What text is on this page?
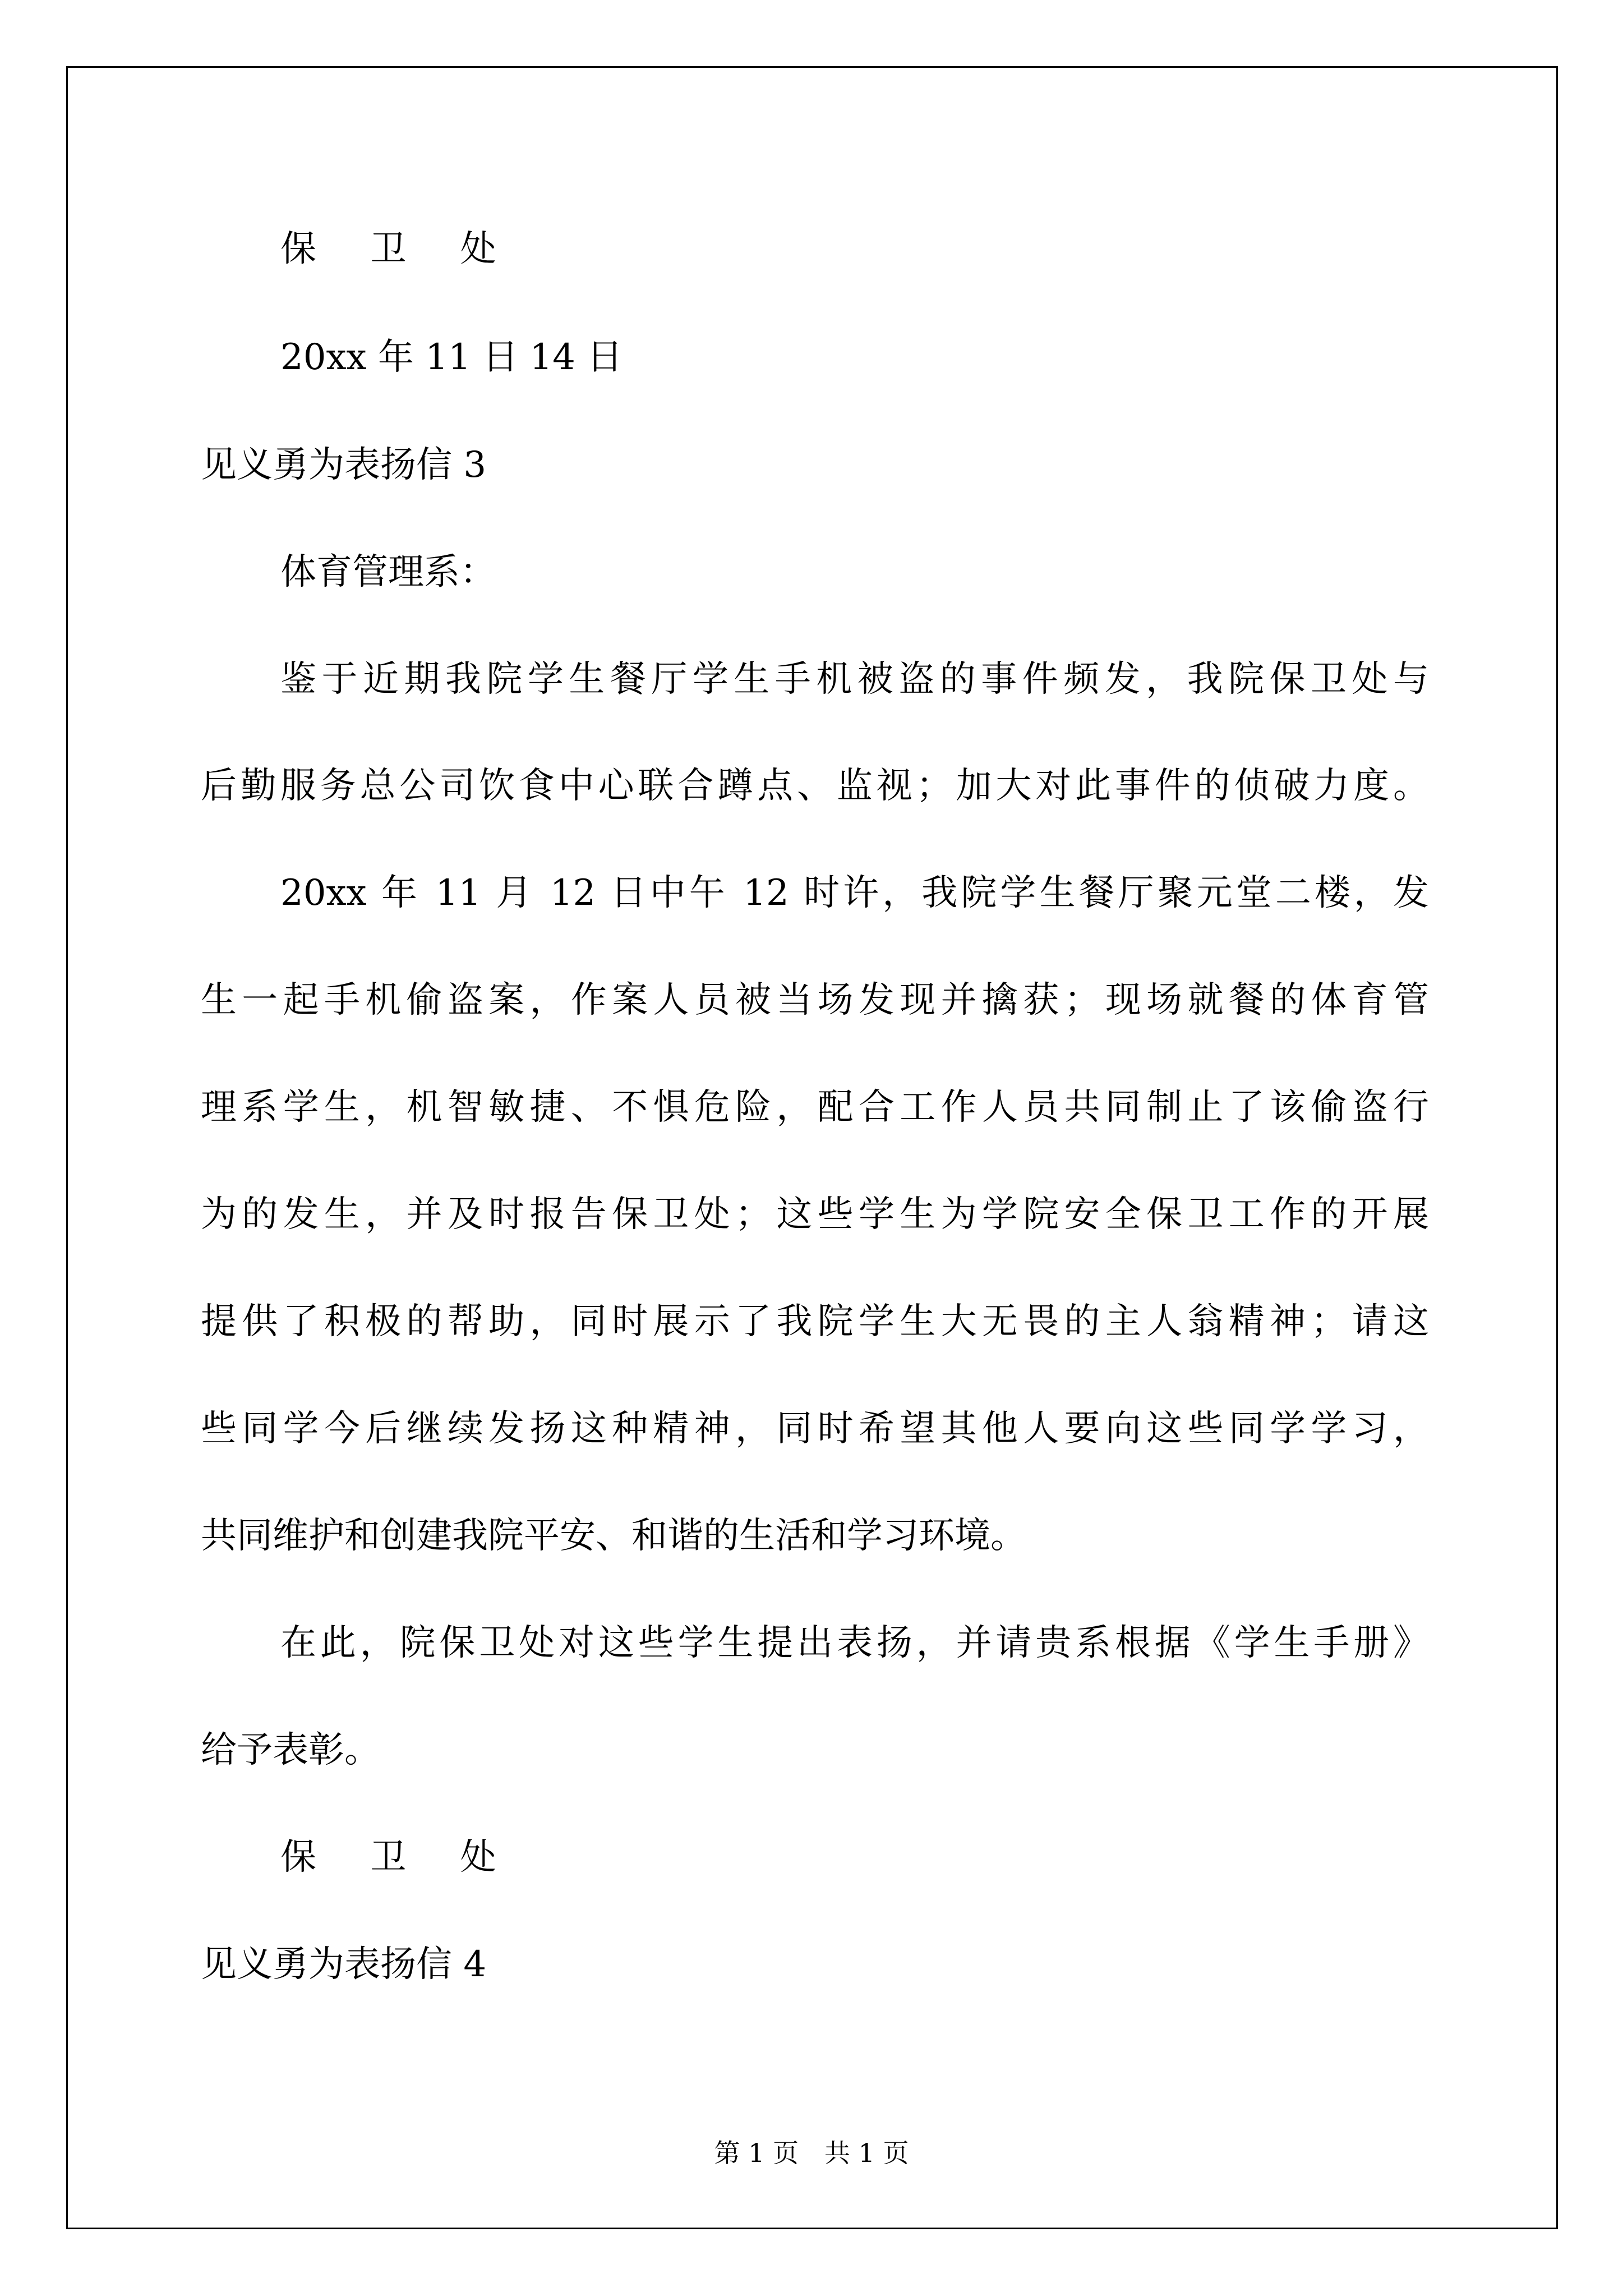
保 卫 处
20xx 年 11 日 14 日
见义勇为表扬信 3
体育管理系：
鉴于近期我院学生餐厅学生手机被盗的事件频发，我院保卫处与
后勤服务总公司饮食中心联合蹲点、监视；加大对此事件的侦破力度。
20xx 年 11 月 12 日中午 12 时许，我院学生餐厅聚元堂二楼，发
生一起手机偷盗案，作案人员被当场发现并擒获；现场就餐的体育管
理系学生，机智敏捷、不惧危险，配合工作人员共同制止了该偷盗行
为的发生，并及时报告保卫处；这些学生为学院安全保卫工作的开展
提供了积极的帮助，同时展示了我院学生大无畏的主人翁精神；请这
些同学今后继续发扬这种精神，同时希望其他人要向这些同学学习，
共同维护和创建我院平安、和谐的生活和学习环境。
在此，院保卫处对这些学生提出表扬，并请贵系根据《学生手册》
给予表彰。
保 卫 处
见义勇为表扬信 4
第 1 页　共 1 页
